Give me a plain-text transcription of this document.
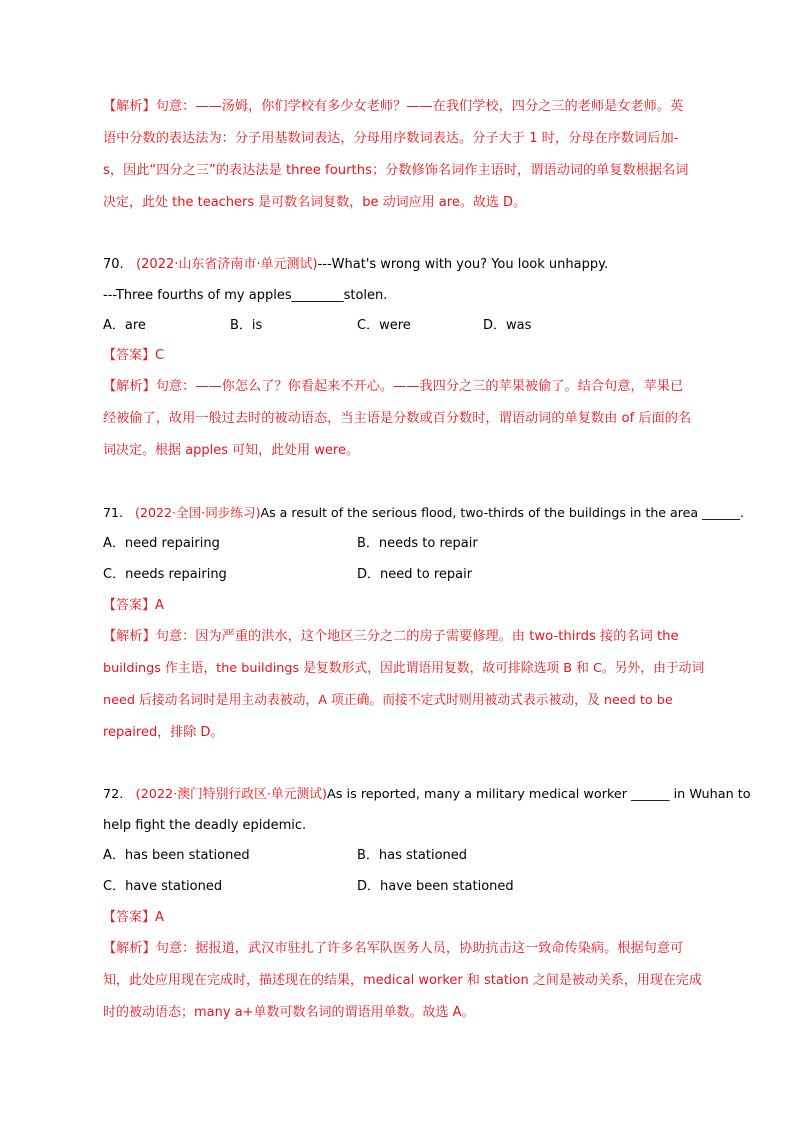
【解析】句意：——汤姆，你们学校有多少女老师？——在我们学校，四分之三的老师是女老师。英
语中分数的表达法为：分子用基数词表达，分母用序数词表达。分子大于 1 时，分母在序数词后加-
s，因此“四分之三”的表达法是 three fourths；分数修饰名词作主语时，谓语动词的单复数根据名词
决定，此处 the teachers 是可数名词复数，be 动词应用 are。故选 D。
70. (2022·山东省济南市·单元测试)---What's wrong with you? You look unhappy.
---Three fourths of my apples________stolen.
A．are	B．is	C．were	D．was
【答案】C
【解析】句意：——你怎么了？你看起来不开心。——我四分之三的苹果被偷了。结合句意，苹果已
经被偷了，故用一般过去时的被动语态，当主语是分数或百分数时，谓语动词的单复数由 of 后面的名
词决定。根据 apples 可知，此处用 were。
71. (2022·全国·同步练习)As a result of the serious flood, two-thirds of the buildings in the area ______.
A．need repairing	B．needs to repair
C．needs repairing	D．need to repair
【答案】A
【解析】句意：因为严重的洪水，这个地区三分之二的房子需要修理。由 two-thirds 接的名词 the
buildings 作主语，the buildings 是复数形式，因此谓语用复数，故可排除选项 B 和 C。另外，由于动词
need 后接动名词时是用主动表被动，A 项正确。而接不定式时则用被动式表示被动，及 need to be
repaired，排除 D。
72. (2022·澳门特别行政区·单元测试)As is reported, many a military medical worker ______ in Wuhan to
help fight the deadly epidemic.
A．has been stationed	B．has stationed
C．have stationed	D．have been stationed
【答案】A
【解析】句意：据报道，武汉市驻扎了许多名军队医务人员，协助抗击这一致命传染病。根据句意可
知，此处应用现在完成时，描述现在的结果，medical worker 和 station 之间是被动关系，用现在完成
时的被动语态；many a+单数可数名词的谓语用单数。故选 A。
